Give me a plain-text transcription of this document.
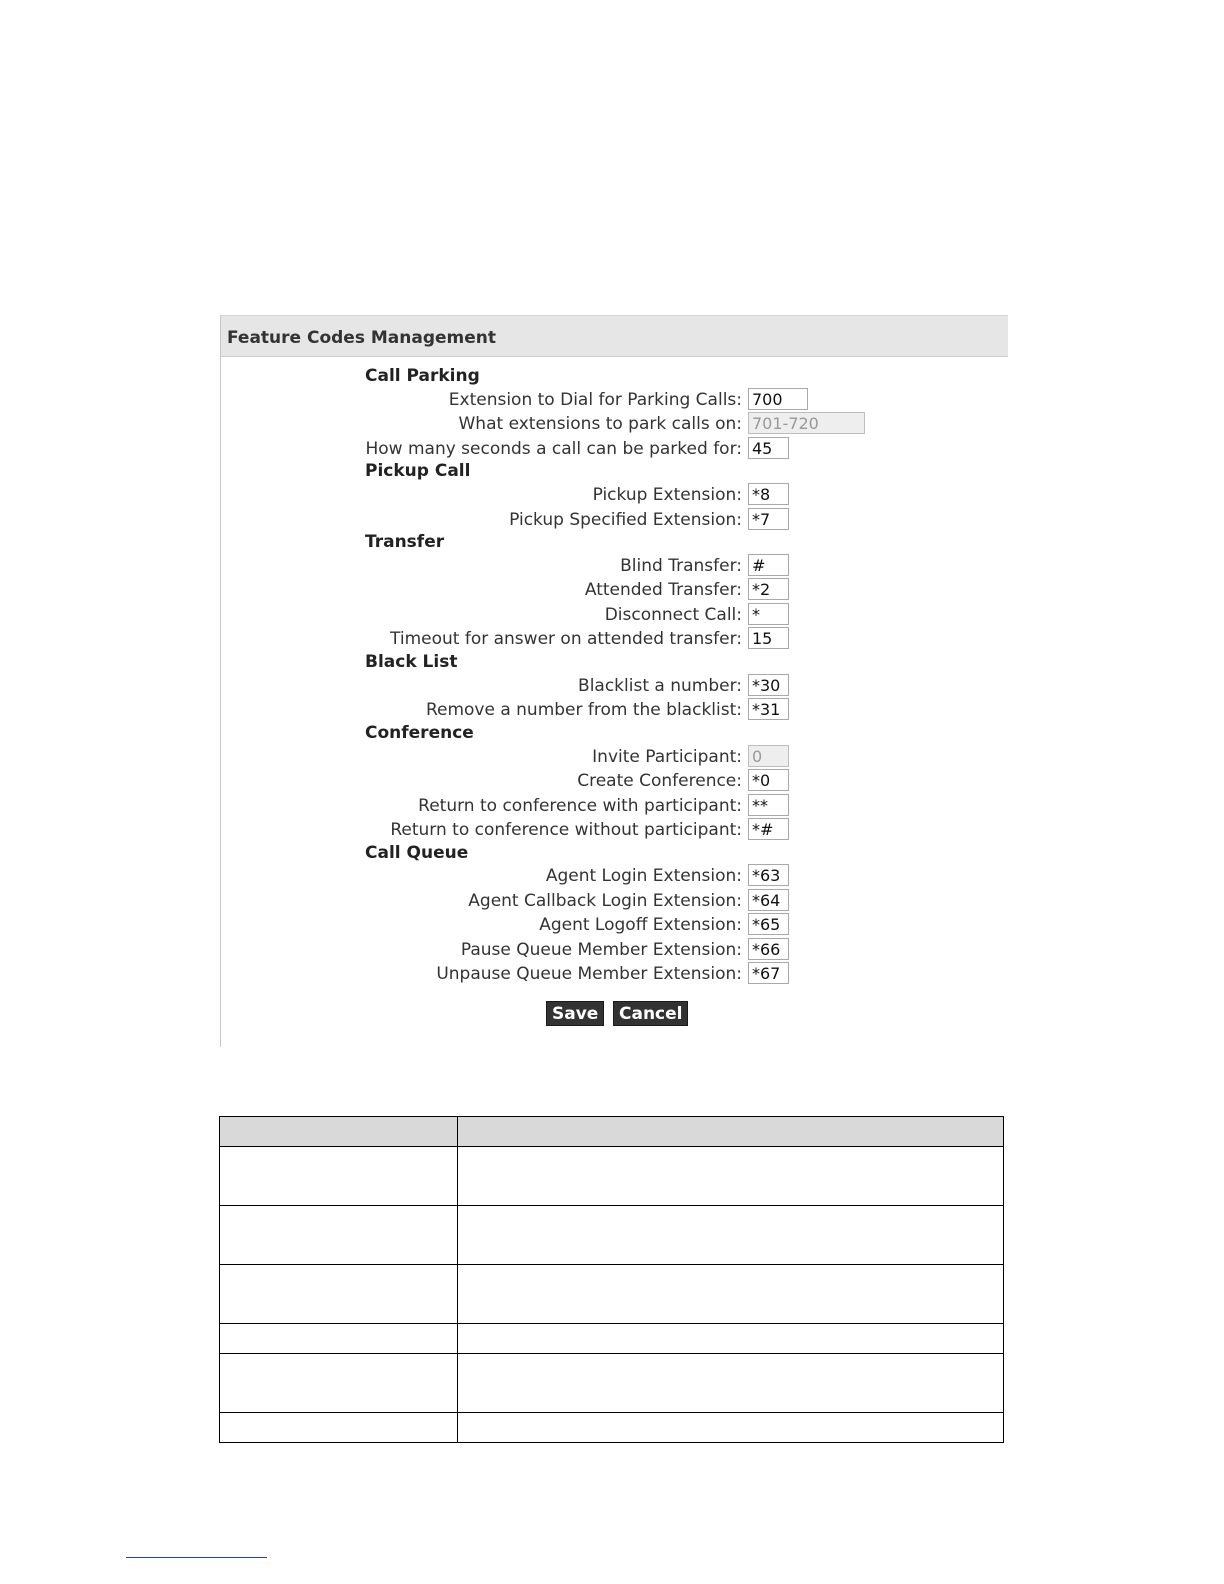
Feature Codes Management
Call Parking
Extension to Dial for Parking Calls:
700
What extensions to park calls on:
701-720
How many seconds a call can be parked for:
45
Pickup Call
Pickup Extension:
*8
Pickup Specified Extension:
*7
Transfer
Blind Transfer:
#
Attended Transfer:
*2
Disconnect Call:
*
Timeout for answer on attended transfer:
15
Black List
Blacklist a number:
*30
Remove a number from the blacklist:
*31
Conference
Invite Participant:
0
Create Conference:
*0
Return to conference with participant:
**
Return to conference without participant:
*#
Call Queue
Agent Login Extension:
*63
Agent Callback Login Extension:
*64
Agent Logoff Extension:
*65
Pause Queue Member Extension:
*66
Unpause Queue Member Extension:
*67
Save	Cancel
